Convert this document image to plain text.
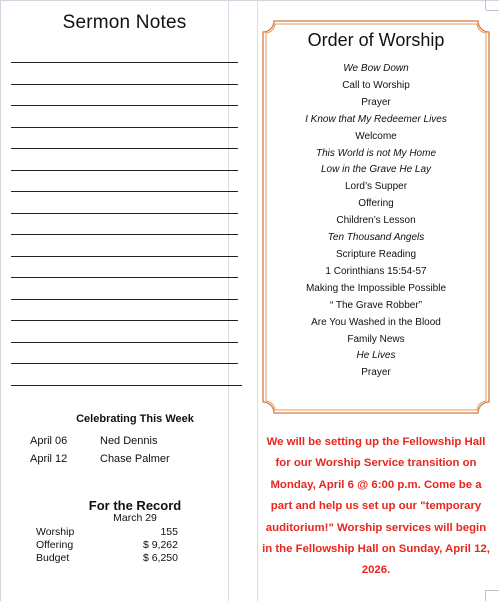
Sermon Notes
Celebrating This Week
April 06	Ned Dennis
April 12	Chase Palmer
For the Record
March 29
Worship	155
Offering	$ 9,262
Budget	$ 6,250
Order of Worship
We Bow Down
Call to Worship
Prayer
I Know that My Redeemer Lives
Welcome
This World is not My Home
Low in the Grave He Lay
Lord’s Supper
Offering
Children’s Lesson
Ten Thousand Angels
Scripture Reading
1 Corinthians 15:54-57
Making the Impossible Possible
“ The Grave Robber”
Are You Washed in the Blood
Family News
He Lives
Prayer

We will be setting up the Fellowship Hall for our Worship Service transition on Monday, April 6 @ 6:00 p.m. Come be a part and help us set up our "temporary auditorium!" Worship services will begin in the Fellowship Hall on Sunday, April 12, 2026.
